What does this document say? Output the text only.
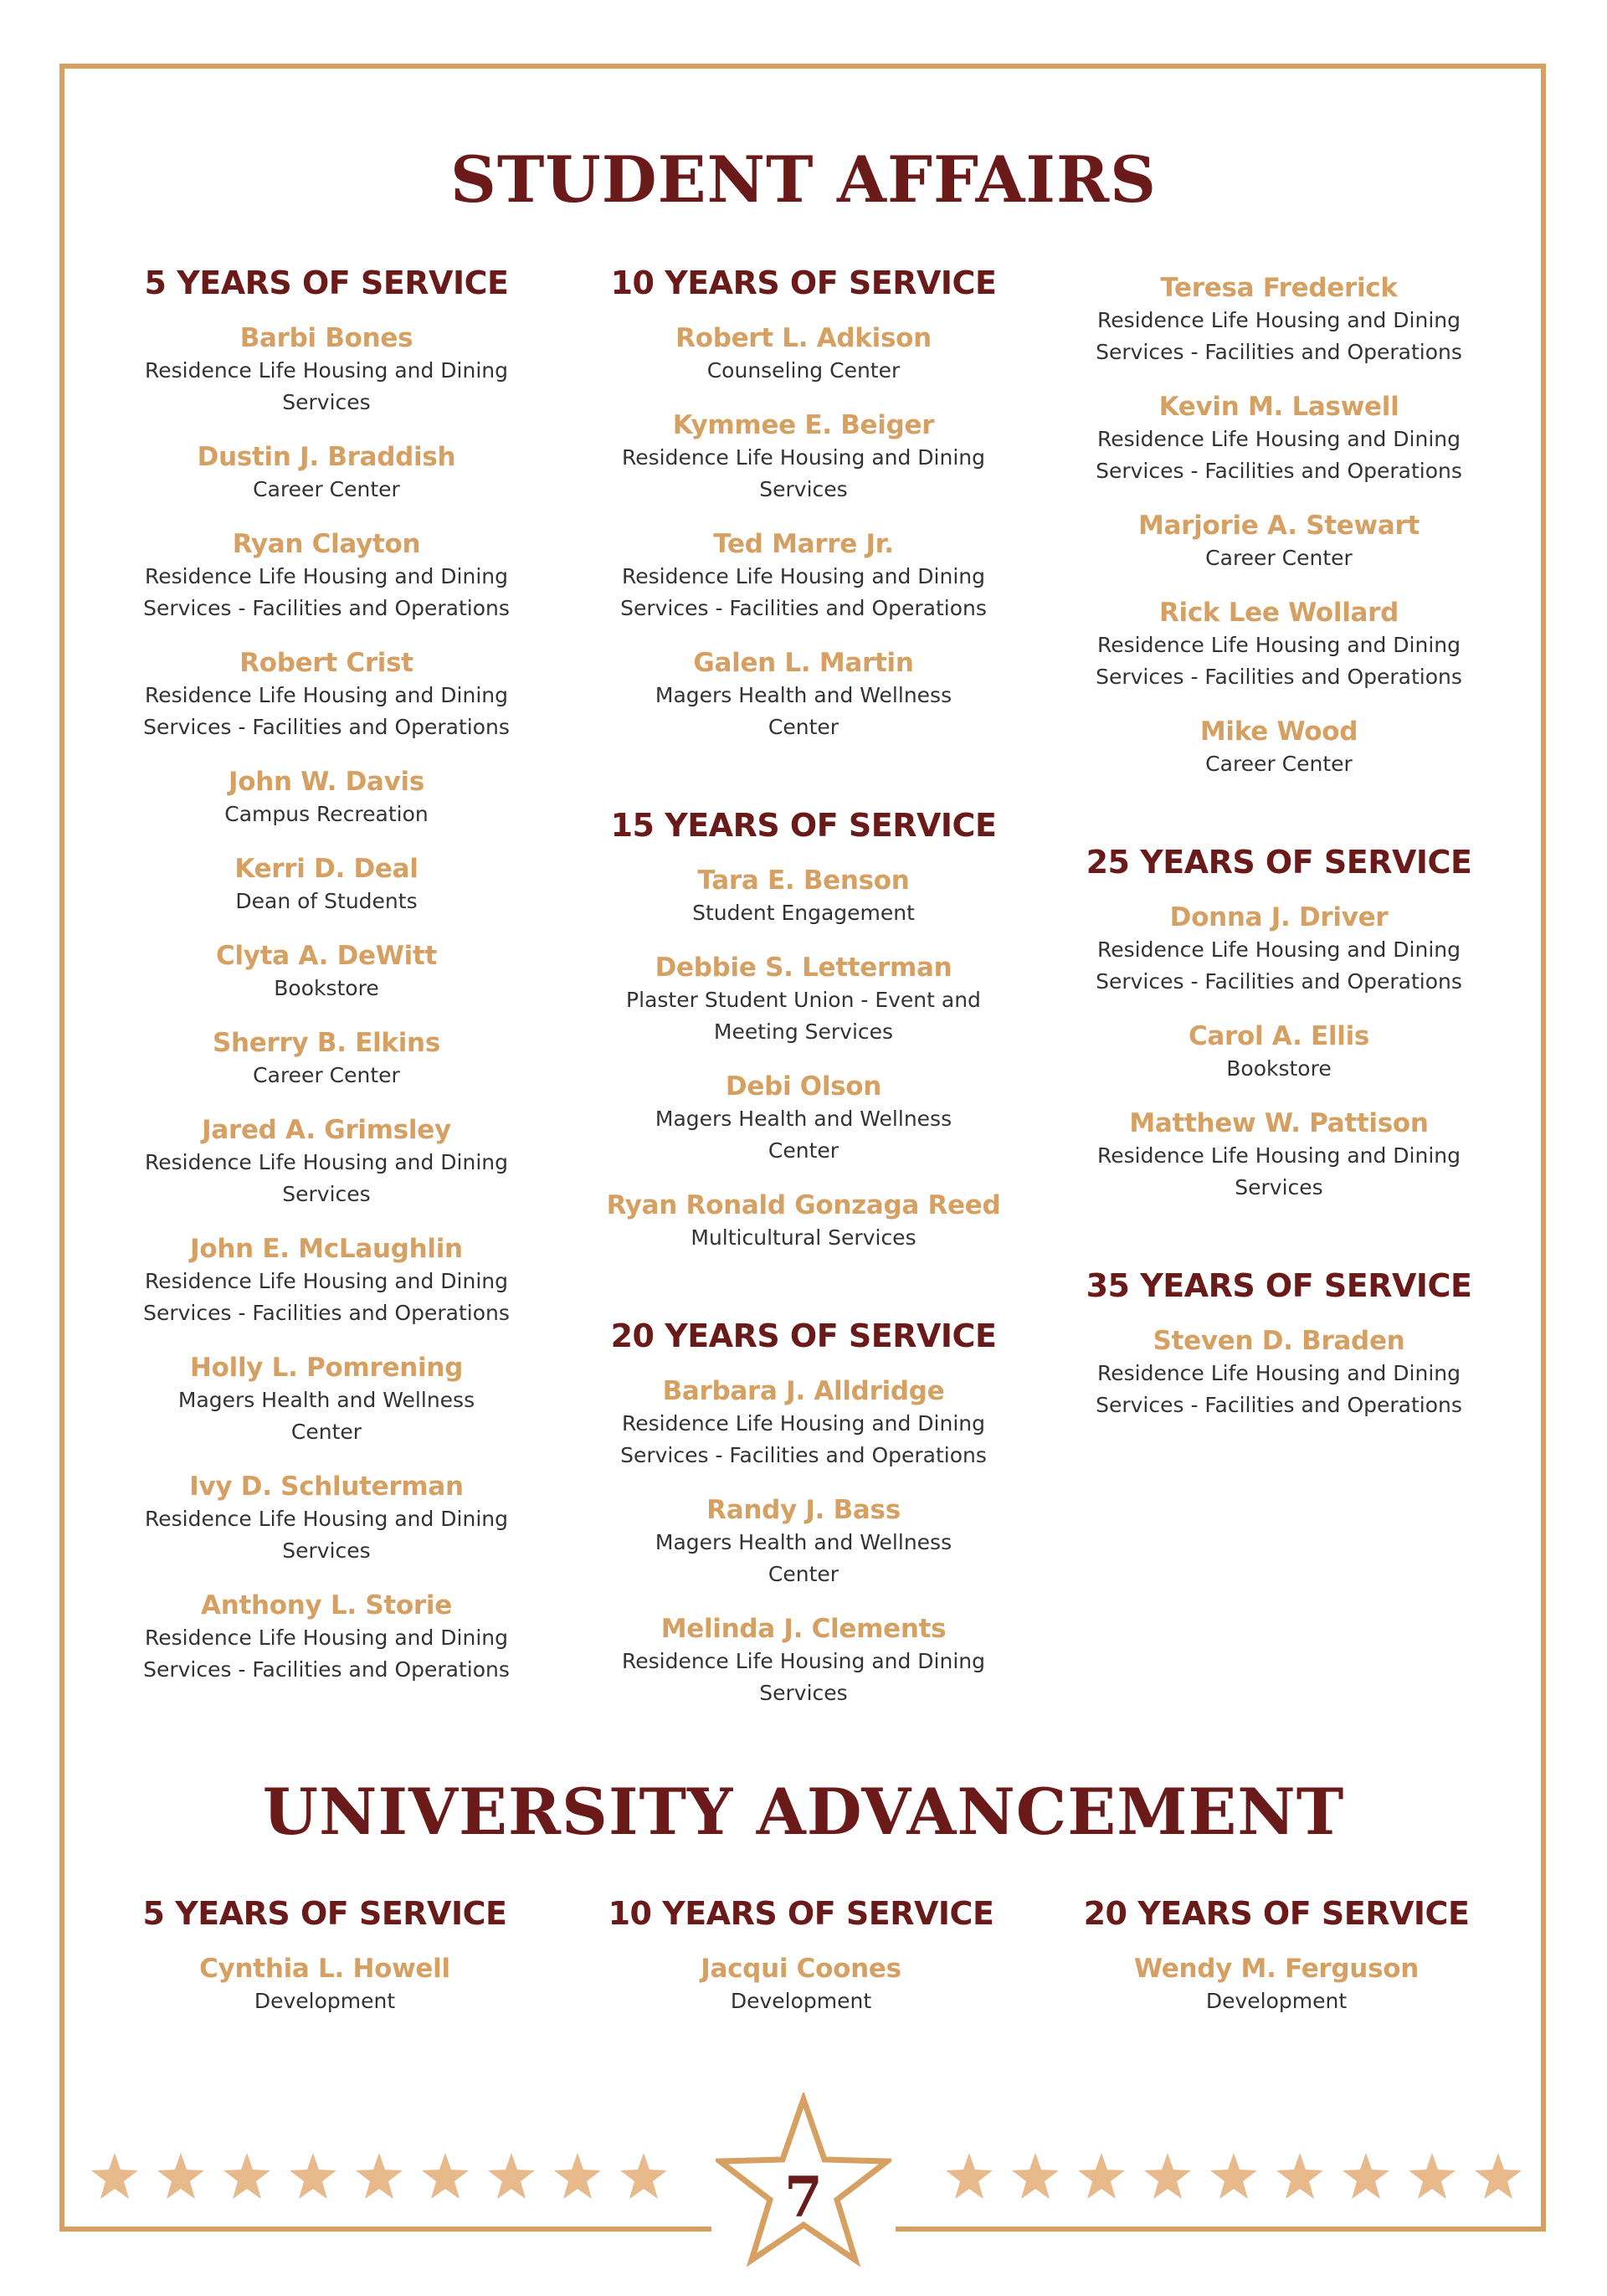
STUDENT AFFAIRS
5 YEARS OF SERVICE
Barbi Bones
Residence Life Housing and Dining Services
Dustin J. Braddish
Career Center
Ryan Clayton
Residence Life Housing and Dining Services - Facilities and Operations
Robert Crist
Residence Life Housing and Dining Services - Facilities and Operations
John W. Davis
Campus Recreation
Kerri D. Deal
Dean of Students
Clyta A. DeWitt
Bookstore
Sherry B. Elkins
Career Center
Jared A. Grimsley
Residence Life Housing and Dining Services
John E. McLaughlin
Residence Life Housing and Dining Services - Facilities and Operations
Holly L. Pomrening
Magers Health and Wellness Center
Ivy D. Schluterman
Residence Life Housing and Dining Services
Anthony L. Storie
Residence Life Housing and Dining Services - Facilities and Operations
10 YEARS OF SERVICE
Robert L. Adkison
Counseling Center
Kymmee E. Beiger
Residence Life Housing and Dining Services
Ted Marre Jr.
Residence Life Housing and Dining Services - Facilities and Operations
Galen L. Martin
Magers Health and Wellness Center
15 YEARS OF SERVICE
Tara E. Benson
Student Engagement
Debbie S. Letterman
Plaster Student Union - Event and Meeting Services
Debi Olson
Magers Health and Wellness Center
Ryan Ronald Gonzaga Reed
Multicultural Services
20 YEARS OF SERVICE
Barbara J. Alldridge
Residence Life Housing and Dining Services - Facilities and Operations
Randy J. Bass
Magers Health and Wellness Center
Melinda J. Clements
Residence Life Housing and Dining Services
Teresa Frederick
Residence Life Housing and Dining Services - Facilities and Operations
Kevin M. Laswell
Residence Life Housing and Dining Services - Facilities and Operations
Marjorie A. Stewart
Career Center
Rick Lee Wollard
Residence Life Housing and Dining Services - Facilities and Operations
Mike Wood
Career Center
25 YEARS OF SERVICE
Donna J. Driver
Residence Life Housing and Dining Services - Facilities and Operations
Carol A. Ellis
Bookstore
Matthew W. Pattison
Residence Life Housing and Dining Services
35 YEARS OF SERVICE
Steven D. Braden
Residence Life Housing and Dining Services - Facilities and Operations
UNIVERSITY ADVANCEMENT
5 YEARS OF SERVICE
Cynthia L. Howell
Development
10 YEARS OF SERVICE
Jacqui Coones
Development
20 YEARS OF SERVICE
Wendy M. Ferguson
Development
7
